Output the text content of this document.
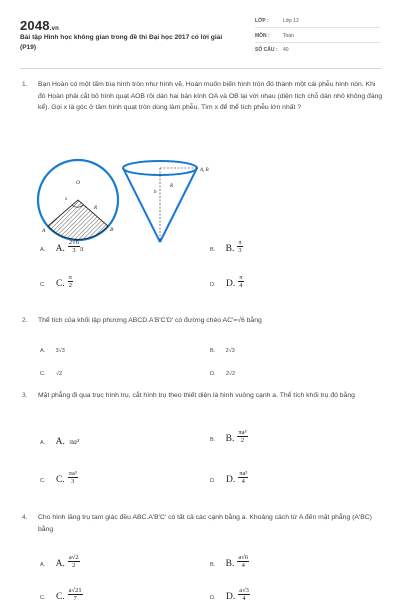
2048.vn
Bài tập Hình học không gian trong đề thi Đại học 2017 có lời giải (P19)
LỚP :	Lớp 12
MÔN :	Toán
SỐ CÂU : 40
1. Bạn Hoàn có một tấm bìa hình tròn như hình vẽ, Hoàn muốn biến hình tròn đó thành một cái phễu hình nón. Khi đó Hoàn phải cắt bỏ hình quạt AOB rồi dán hai bán kính OA và OB lại với nhau (diện tích chỗ dán nhỏ không đáng kể). Gọi x là góc ở tâm hình quạt tròn dùng làm phễu. Tìm x để thể tích phễu lớn nhất ?
O
A	B
R
x
h
R
A, B
A. A. $\frac{2√6}{3}$ π	B. B. $\frac{\pi}{3}$
C. C. $\frac{\pi}{2}$	D. D. $\frac{\pi}{4}$
2. Thể tích của khối lập phương ABCD.A'B'C'D' có đường chéo AC'=√6 bằng
A. 3√3	B. 2√3
C. √2	D. 2√2
3. Mặt phẳng đi qua trục hình trụ, cắt hình trụ theo thiết diện là hình vuông cạnh a. Thể tích khối trụ đó bằng
A. A. πa³	B. B. $\frac{\text{πa³}}{2}$
C. C. $\frac{\text{πa³}}{3}$	D. D. $\frac{\text{πa³}}{4}$
4. Cho hình lăng trụ tam giác đều ABC.A'B'C' có tất cả các cạnh bằng a. Khoảng cách từ A đến mặt phẳng (A'BC) bằng
A. A. $\frac{a√2}{2}$	B. B. $\frac{a√6}{4}$
C. C. $\frac{a√21}{7}$	D. D. $\frac{a√3}{4}$
